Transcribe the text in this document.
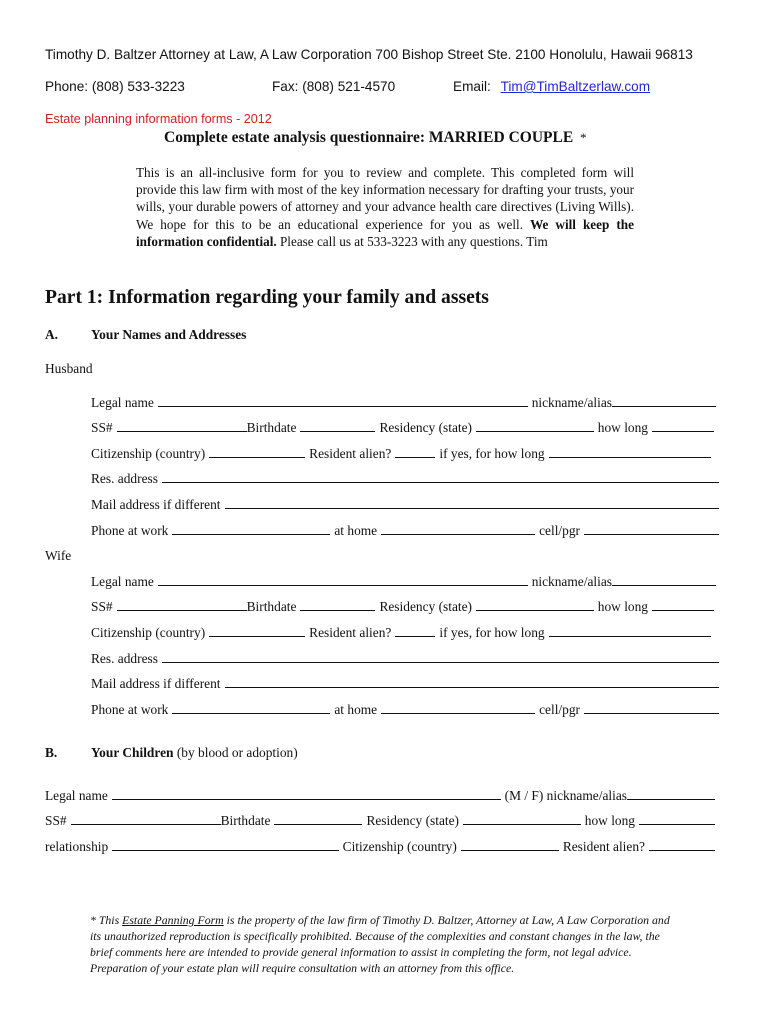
Timothy D. Baltzer Attorney at Law, A Law Corporation 700 Bishop Street Ste. 2100 Honolulu, Hawaii 96813
Phone: (808) 533-3223	Fax: (808) 521-4570	Email: Tim@TimBaltzerlaw.com
Estate planning information forms - 2012
Complete estate analysis questionnaire: MARRIED COUPLE *
This is an all-inclusive form for you to review and complete. This completed form will provide this law firm with most of the key information necessary for drafting your trusts, your wills, your durable powers of attorney and your advance health care directives (Living Wills). We hope for this to be an educational experience for you as well. We will keep the information confidential. Please call us at 533-3223 with any questions. Tim
Part 1: Information regarding your family and assets
A. Your Names and Addresses
Husband
Legal name	nickname/alias
SS#	Birthdate	Residency (state)	how long
Citizenship (country)	Resident alien?	if yes, for how long
Res. address
Mail address if different
Phone at work	at home	cell/pgr
Wife
Legal name	nickname/alias
SS#	Birthdate	Residency (state)	how long
Citizenship (country)	Resident alien?	if yes, for how long
Res. address
Mail address if different
Phone at work	at home	cell/pgr
B.	Your Children (by blood or adoption)
Legal name	(M / F) nickname/alias
SS#	Birthdate	Residency (state)	how long
relationship	Citizenship (country)	Resident alien?
* This Estate Panning Form is the property of the law firm of Timothy D. Baltzer, Attorney at Law, A Law Corporation and its unauthorized reproduction is specifically prohibited. Because of the complexities and constant changes in the law, the brief comments here are intended to provide general information to assist in completing the form, not legal advice. Preparation of your estate plan will require consultation with an attorney from this office.
